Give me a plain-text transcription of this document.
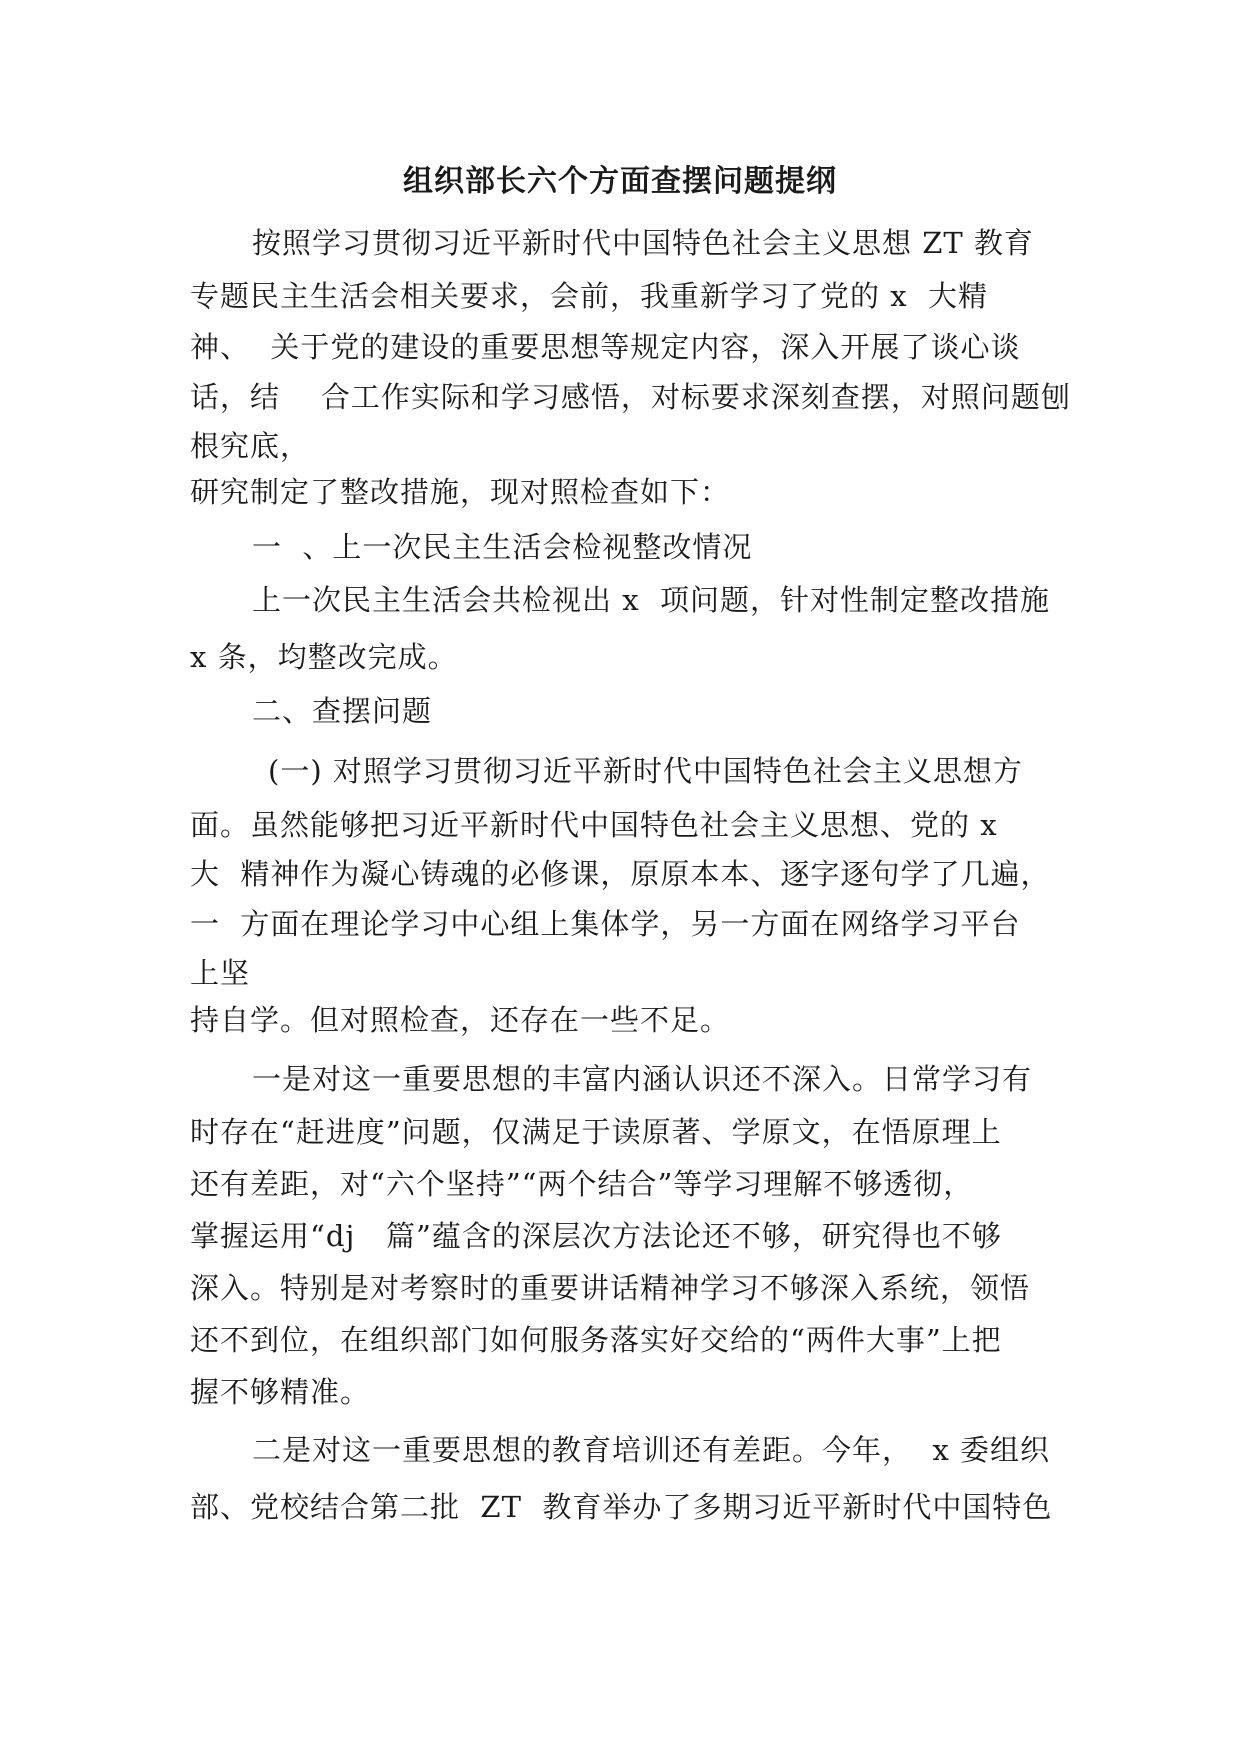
组织部长六个方面查摆问题提纲
按照学习贯彻习近平新时代中国特色社会主义思想 ZT 教育
专题民主生活会相关要求，会前，我重新学习了党的 x  大精
神、  关于党的建设的重要思想等规定内容，深入开展了谈心谈
话，结    合工作实际和学习感悟，对标要求深刻查摆，对照问题刨
根究底，
研究制定了整改措施，现对照检查如下：
一  、上一次民主生活会检视整改情况
上一次民主生活会共检视出 x  项问题，针对性制定整改措施
x 条，均整改完成。
二、查摆问题
(一) 对照学习贯彻习近平新时代中国特色社会主义思想方
面。虽然能够把习近平新时代中国特色社会主义思想、党的 x
大  精神作为凝心铸魂的必修课，原原本本、逐字逐句学了几遍，
一  方面在理论学习中心组上集体学，另一方面在网络学习平台
上坚
持自学。但对照检查，还存在一些不足。
一是对这一重要思想的丰富内涵认识还不深入。日常学习有
时存在“赶进度”问题，仅满足于读原著、学原文，在悟原理上
还有差距，对“六个坚持”“两个结合”等学习理解不够透彻，
掌握运用“dj   篇”蕴含的深层次方法论还不够，研究得也不够
深入。特别是对考察时的重要讲话精神学习不够深入系统，领悟
还不到位，在组织部门如何服务落实好交给的“两件大事”上把
握不够精准。
二是对这一重要思想的教育培训还有差距。今年，  x 委组织
部、党校结合第二批  ZT  教育举办了多期习近平新时代中国特色
